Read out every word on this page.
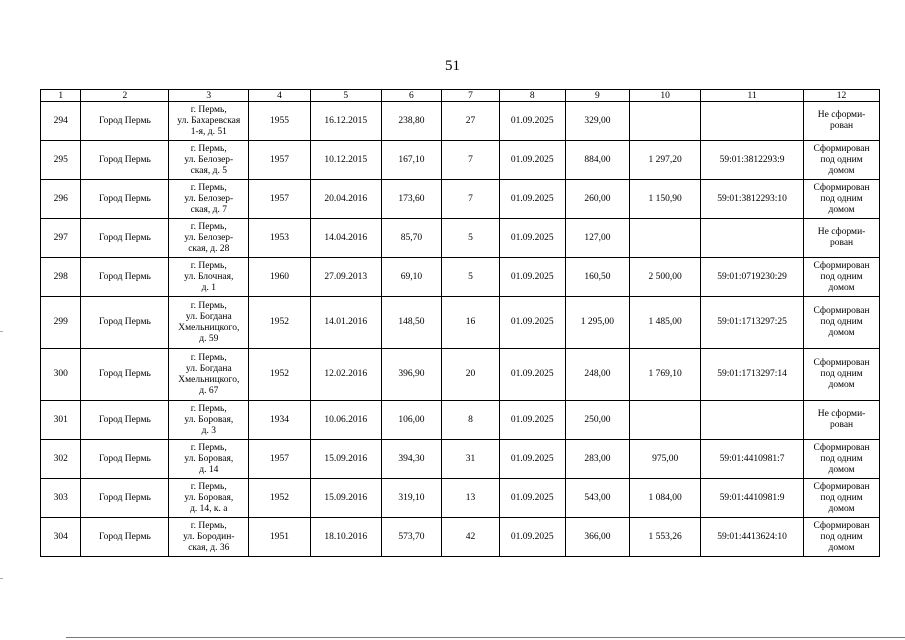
51
1	2	3	4	5	6	7	8	9	10	11	12
294	Город Пермь	г. Пермь,
ул. Бахаревская
1-я, д. 51	1955	16.12.2015	238,80	27	01.09.2025	329,00			Не сформи-
рован
295	Город Пермь	г. Пермь,
ул. Белозер-
ская, д. 5	1957	10.12.2015	167,10	7	01.09.2025	884,00	1 297,20	59:01:3812293:9	Сформирован
под одним
домом
296	Город Пермь	г. Пермь,
ул. Белозер-
ская, д. 7	1957	20.04.2016	173,60	7	01.09.2025	260,00	1 150,90	59:01:3812293:10	Сформирован
под одним
домом
297	Город Пермь	г. Пермь,
ул. Белозер-
ская, д. 28	1953	14.04.2016	85,70	5	01.09.2025	127,00			Не сформи-
рован
298	Город Пермь	г. Пермь,
ул. Блочная,
д. 1	1960	27.09.2013	69,10	5	01.09.2025	160,50	2 500,00	59:01:0719230:29	Сформирован
под одним
домом
299	Город Пермь	г. Пермь,
ул. Богдана
Хмельницкого,
д. 59	1952	14.01.2016	148,50	16	01.09.2025	1 295,00	1 485,00	59:01:1713297:25	Сформирован
под одним
домом
300	Город Пермь	г. Пермь,
ул. Богдана
Хмельницкого,
д. 67	1952	12.02.2016	396,90	20	01.09.2025	248,00	1 769,10	59:01:1713297:14	Сформирован
под одним
домом
301	Город Пермь	г. Пермь,
ул. Боровая,
д. 3	1934	10.06.2016	106,00	8	01.09.2025	250,00			Не сформи-
рован
302	Город Пермь	г. Пермь,
ул. Боровая,
д. 14	1957	15.09.2016	394,30	31	01.09.2025	283,00	975,00	59:01:4410981:7	Сформирован
под одним
домом
303	Город Пермь	г. Пермь,
ул. Боровая,
д. 14, к. а	1952	15.09.2016	319,10	13	01.09.2025	543,00	1 084,00	59:01:4410981:9	Сформирован
под одним
домом
304	Город Пермь	г. Пермь,
ул. Бородин-
ская, д. 36	1951	18.10.2016	573,70	42	01.09.2025	366,00	1 553,26	59:01:4413624:10	Сформирован
под одним
домом
